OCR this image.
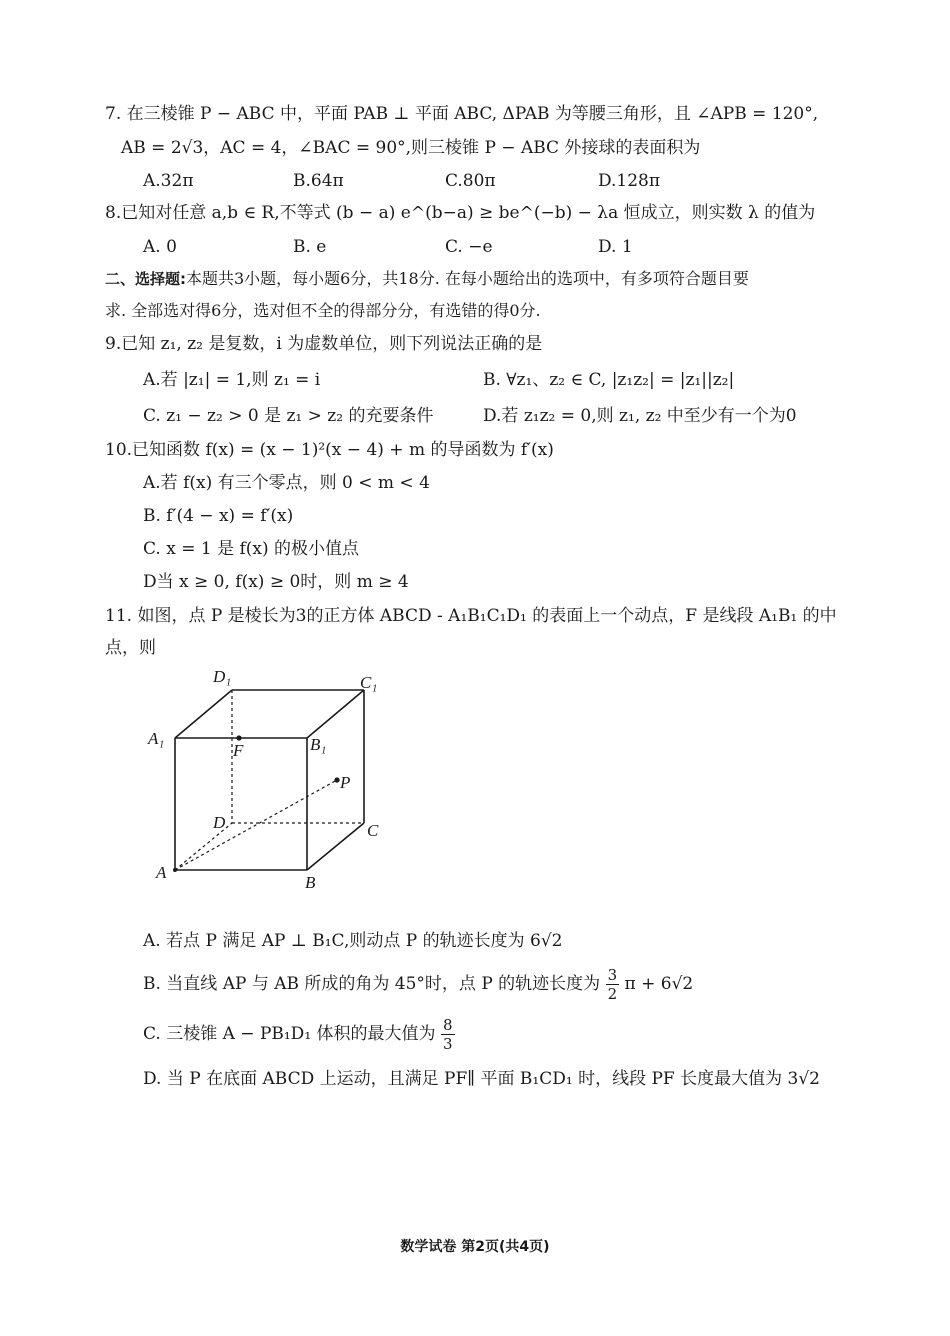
7. 在三棱锥 P − ABC 中，平面 PAB ⊥ 平面 ABC, ΔPAB 为等腰三角形，且 ∠APB = 120°,
AB = 2√3，AC = 4，∠BAC = 90°,则三棱锥 P − ABC 外接球的表面积为
A.32π	B.64π	C.80π	D.128π
8.已知对任意 a,b ∈ R,不等式 (b − a) e^(b−a) ≥ be^(−b) − λa 恒成立，则实数 λ 的值为
A. 0	B. e	C. −e	D. 1
二、选择题:本题共3小题，每小题6分，共18分. 在每小题给出的选项中，有多项符合题目要
求. 全部选对得6分，选对但不全的得部分分，有选错的得0分.
9.已知 z₁, z₂ 是复数，i 为虚数单位，则下列说法正确的是
A.若 |z₁| = 1,则 z₁ = i	B. ∀z₁、z₂ ∈ C, |z₁z₂| = |z₁||z₂|
C. z₁ − z₂ > 0 是 z₁ > z₂ 的充要条件	D.若 z₁z₂ = 0,则 z₁, z₂ 中至少有一个为0
10.已知函数 f(x) = (x − 1)²(x − 4) + m 的导函数为 f′(x)
A.若 f(x) 有三个零点，则 0 < m < 4
B. f′(4 − x) = f′(x)
C. x = 1 是 f(x) 的极小值点
D当 x ≥ 0, f(x) ≥ 0时，则 m ≥ 4
11. 如图，点 P 是棱长为3的正方体 ABCD - A₁B₁C₁D₁ 的表面上一个动点，F 是线段 A₁B₁ 的中
点，则
D₁	C₁
A₁	B₁
F
P
D	C
A
B
A. 若点 P 满足 AP ⊥ B₁C,则动点 P 的轨迹长度为 6√2
B. 当直线 AP 与 AB 所成的角为 45°时，点 P 的轨迹长度为 $\frac{3}{2}$ π + 6√2
C. 三棱锥 A − PB₁D₁ 体积的最大值为 $\frac{8}{3}$
D. 当 P 在底面 ABCD 上运动，且满足 PF∥ 平面 B₁CD₁ 时，线段 PF 长度最大值为 3√2
数学试卷 第2页(共4页)
